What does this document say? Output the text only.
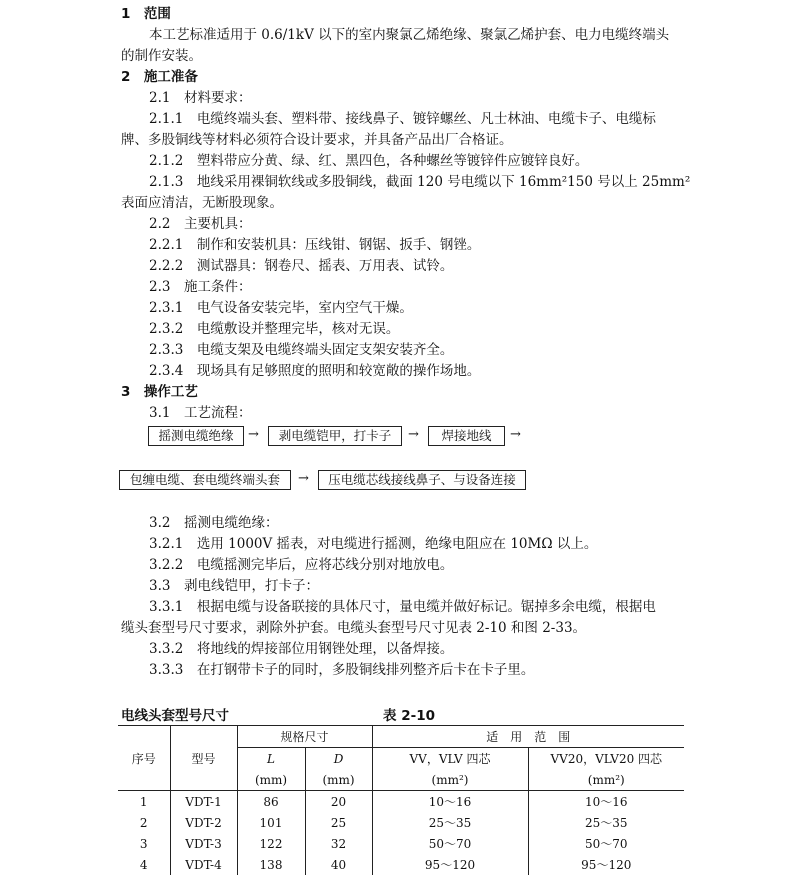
1　范围
本工艺标准适用于 0.6/1kV 以下的室内聚氯乙烯绝缘、聚氯乙烯护套、电力电缆终端头
的制作安装。
2　施工准备
2.1　材料要求：
2.1.1　电缆终端头套、塑料带、接线鼻子、镀锌螺丝、凡士林油、电缆卡子、电缆标
牌、多股铜线等材料必须符合设计要求，并具备产品出厂合格证。
2.1.2　塑料带应分黄、绿、红、黑四色，各种螺丝等镀锌件应镀锌良好。
2.1.3　地线采用裸铜软线或多股铜线，截面 120 号电缆以下 16mm²150 号以上 25mm²
表面应清洁，无断股现象。
2.2　主要机具：
2.2.1　制作和安装机具：压线钳、钢锯、扳手、钢锉。
2.2.2　测试器具：钢卷尺、摇表、万用表、试铃。
2.3　施工条件：
2.3.1　电气设备安装完毕，室内空气干燥。
2.3.2　电缆敷设并整理完毕，核对无误。
2.3.3　电缆支架及电缆终端头固定支架安装齐全。
2.3.4　现场具有足够照度的照明和较宽敞的操作场地。
3　操作工艺
3.1　工艺流程：
摇测电缆绝缘	→	剥电缆铠甲，打卡子	→	焊接地线	→
包缠电缆、套电缆终端头套	→	压电缆芯线接线鼻子、与设备连接
3.2　摇测电缆绝缘：
3.2.1　选用 1000V 摇表，对电缆进行摇测，绝缘电阻应在 10MΩ 以上。
3.2.2　电缆摇测完毕后，应将芯线分别对地放电。
3.3　剥电线铠甲，打卡子：
3.3.1　根据电缆与设备联接的具体尺寸，量电缆并做好标记。锯掉多余电缆，根据电
缆头套型号尺寸要求，剥除外护套。电缆头套型号尺寸见表 2-10 和图 2-33。
3.3.2　将地线的焊接部位用钢锉处理，以备焊接。
3.3.3　在打钢带卡子的同时，多股铜线排列整齐后卡在卡子里。
电线头套型号尺寸	表 2-10
序号	型号	规格尺寸		适　用　范　围	
		L	D	VV，VLV 四芯	VV20，VLV20 四芯
		(mm)	(mm)	(mm²)	(mm²)
1	VDT-1	86	20	10～16	10～16
2	VDT-2	101	25	25～35	25～35
3	VDT-3	122	32	50～70	50～70
4	VDT-4	138	40	95～120	95～120
